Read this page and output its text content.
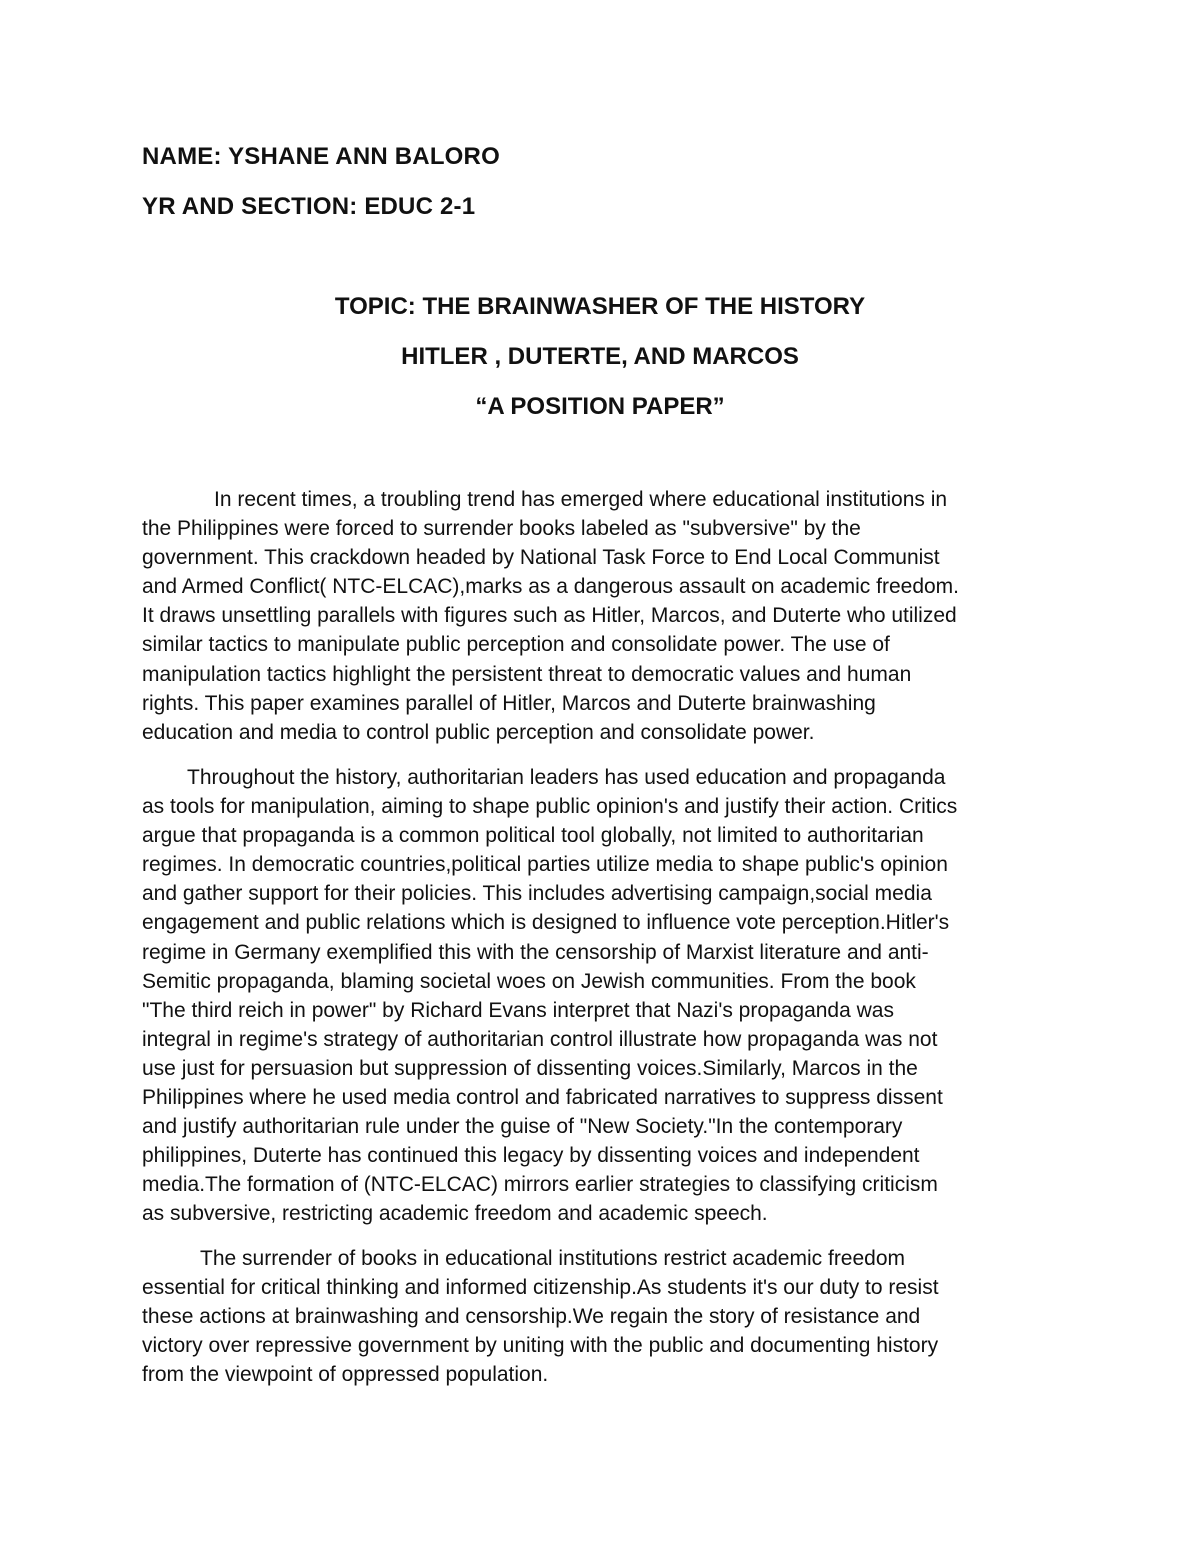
NAME: YSHANE ANN BALORO
YR AND SECTION: EDUC 2-1
TOPIC: THE BRAINWASHER OF THE HISTORY
HITLER , DUTERTE, AND MARCOS
“A POSITION PAPER”
In recent times, a troubling trend has emerged where educational institutions in
the Philippines were forced to surrender books labeled as "subversive" by the
government. This crackdown headed by National Task Force to End Local Communist
and Armed Conflict( NTC-ELCAC),marks as a dangerous assault on academic freedom.
It draws unsettling parallels with figures such as Hitler, Marcos, and Duterte who utilized
similar tactics to manipulate public perception and consolidate power. The use of
manipulation tactics highlight the persistent threat to democratic values and human
rights. This paper examines parallel of Hitler, Marcos and Duterte brainwashing
education and media to control public perception and consolidate power.
Throughout the history, authoritarian leaders has used education and propaganda
as tools for manipulation, aiming to shape public opinion's and justify their action. Critics
argue that propaganda is a common political tool globally, not limited to authoritarian
regimes. In democratic countries,political parties utilize media to shape public's opinion
and gather support for their policies. This includes advertising campaign,social media
engagement and public relations which is designed to influence vote perception.Hitler's
regime in Germany exemplified this with the censorship of Marxist literature and anti-
Semitic propaganda, blaming societal woes on Jewish communities. From the book
"The third reich in power" by Richard Evans interpret that Nazi's propaganda was
integral in regime's strategy of authoritarian control illustrate how propaganda was not
use just for persuasion but suppression of dissenting voices.Similarly, Marcos in the
Philippines where he used media control and fabricated narratives to suppress dissent
and justify authoritarian rule under the guise of "New Society."In the contemporary
philippines, Duterte has continued this legacy by dissenting voices and independent
media.The formation of (NTC-ELCAC) mirrors earlier strategies to classifying criticism
as subversive, restricting academic freedom and academic speech.
The surrender of books in educational institutions restrict academic freedom
essential for critical thinking and informed citizenship.As students it's our duty to resist
these actions at brainwashing and censorship.We regain the story of resistance and
victory over repressive government by uniting with the public and documenting history
from the viewpoint of oppressed population.
